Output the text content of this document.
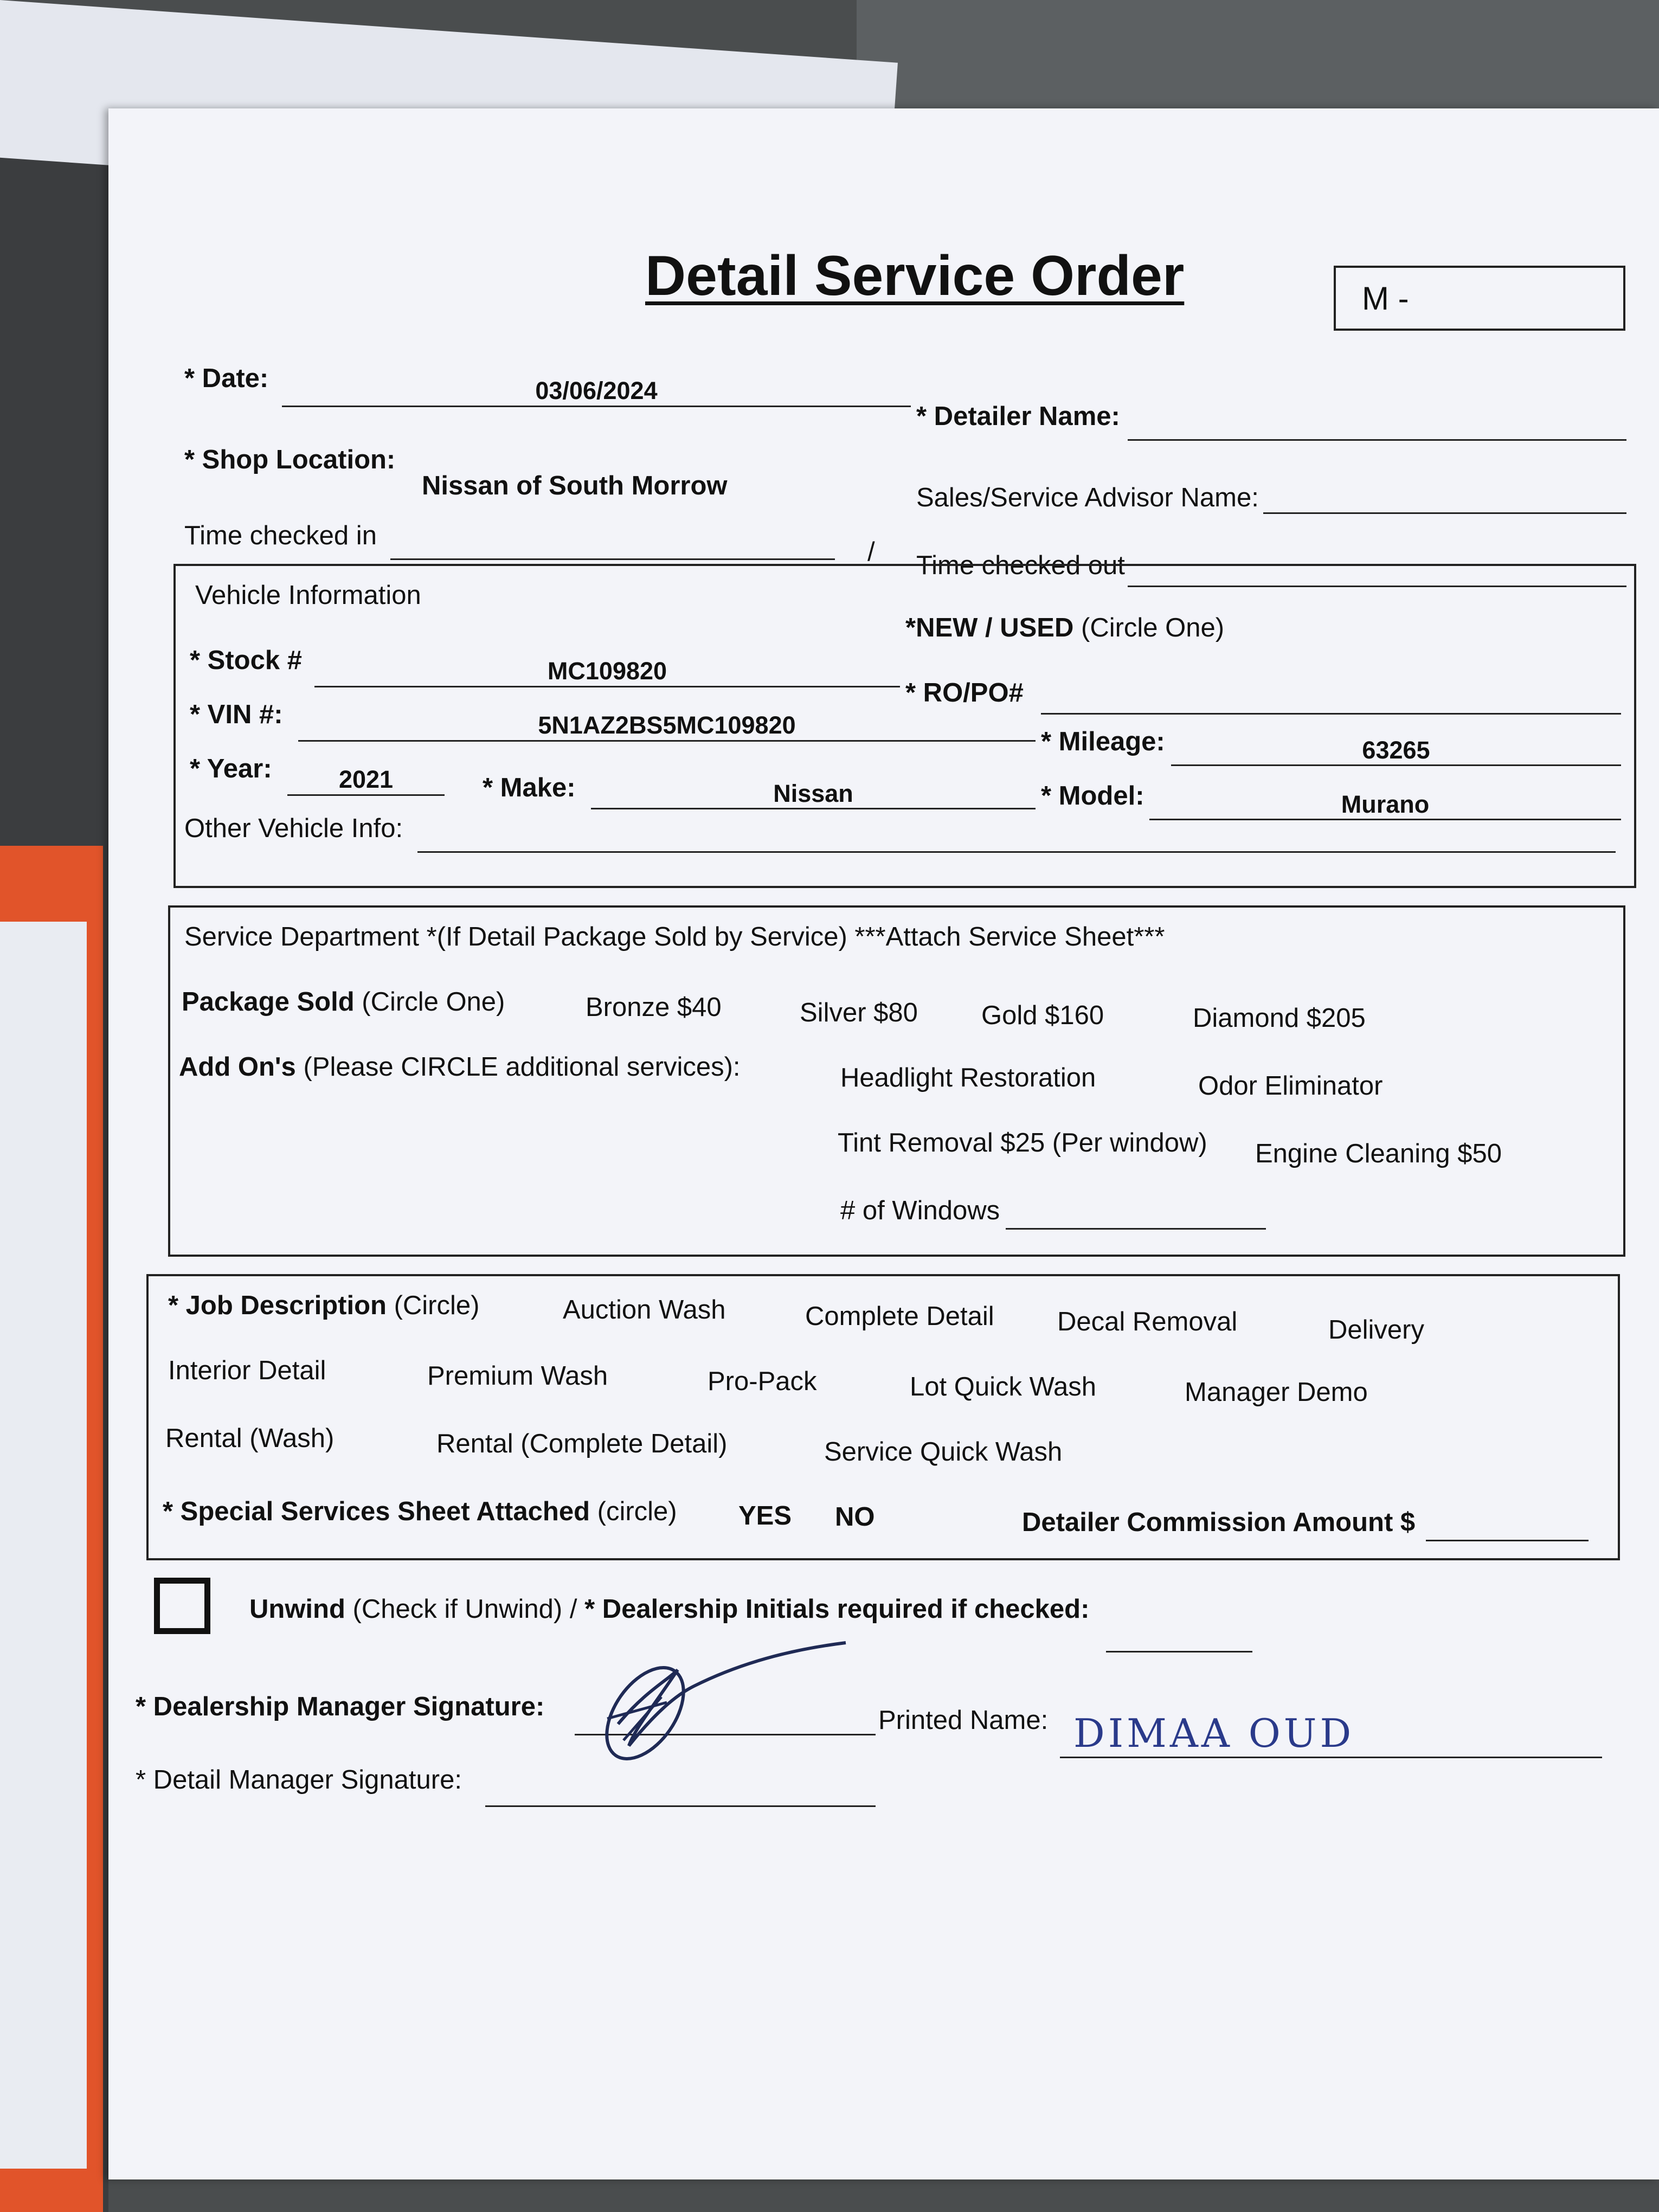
Detail Service Order	M -
* Date:	03/06/2024
* Detailer Name:
* Shop Location:
Nissan of South Morrow	Sales/Service Advisor Name:
Time checked in
/ Time checked out
Vehicle Information
*NEW / USED (Circle One)
* Stock #	MC109820
* RO/PO#
* VIN #:	5N1AZ2BS5MC109820
* Mileage:	63265
* Year:	2021	* Make:	Nissan	* Model:	Murano
Other Vehicle Info:
Service Department *(If Detail Package Sold by Service) ***Attach Service Sheet***
Package Sold (Circle One)	Bronze $40	Silver $80 Gold $160	Diamond $205
Add On's (Please CIRCLE additional services):	Headlight Restoration	Odor Eliminator
Tint Removal $25 (Per window) Engine Cleaning $50
# of Windows
* Job Description (Circle)	Auction Wash	Complete Detail Decal Removal	Delivery
Interior Detail	Premium Wash	Pro-Pack	Lot Quick Wash	Manager Demo
Rental (Wash)	Rental (Complete Detail)	Service Quick Wash
* Special Services Sheet Attached (circle) YES NO	Detailer Commission Amount $
Unwind (Check if Unwind) / * Dealership Initials required if checked:
* Dealership Manager Signature:	Printed Name: DIMAA OUD
* Detail Manager Signature:
